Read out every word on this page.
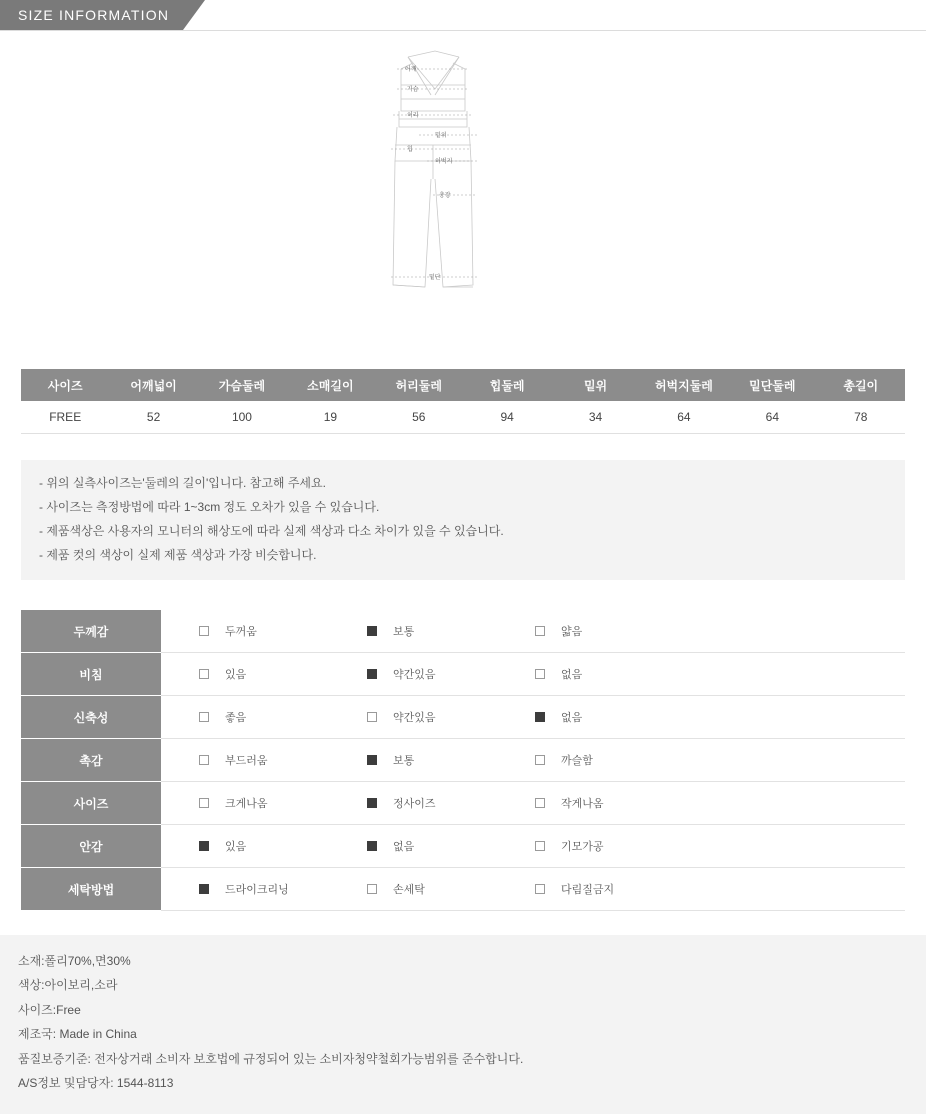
SIZE INFORMATION
어깨
가슴
허리
밑위
힙
허벅지
총장
밑단
사이즈	어깨넓이	가슴둘레	소매길이	허리둘레	힙둘레	밑위	허벅지둘레	밑단둘레	총길이
FREE	52	100	19	56	94	34	64	64	78

- 위의 실측사이즈는'둘레의 길이'입니다. 참고해 주세요.

- 사이즈는 측정방법에 따라 1~3cm 정도 오차가 있을 수 있습니다.

- 제품색상은 사용자의 모니터의 해상도에 따라 실제 색상과 다소 차이가 있을 수 있습니다.

- 제품 컷의 색상이 실제 제품 색상과 가장 비슷합니다.

두께감	두꺼움 보통 얇음

비침	있음 약간있음 없음

신축성	좋음 약간있음 없음

촉감	부드러움 보통 까슬함

사이즈	크게나옴 정사이즈 작게나옴

안감	있음 없음 기모가공

세탁방법	드라이크리닝 손세탁 다림질금지

소재:폴리70%,면30%

색상:아이보리,소라

사이즈:Free

제조국: Made in China

품질보증기준: 전자상거래 소비자 보호법에 규정되어 있는 소비자청약철회가능범위를 준수합니다.

A/S정보 및담당자: 1544-8113
